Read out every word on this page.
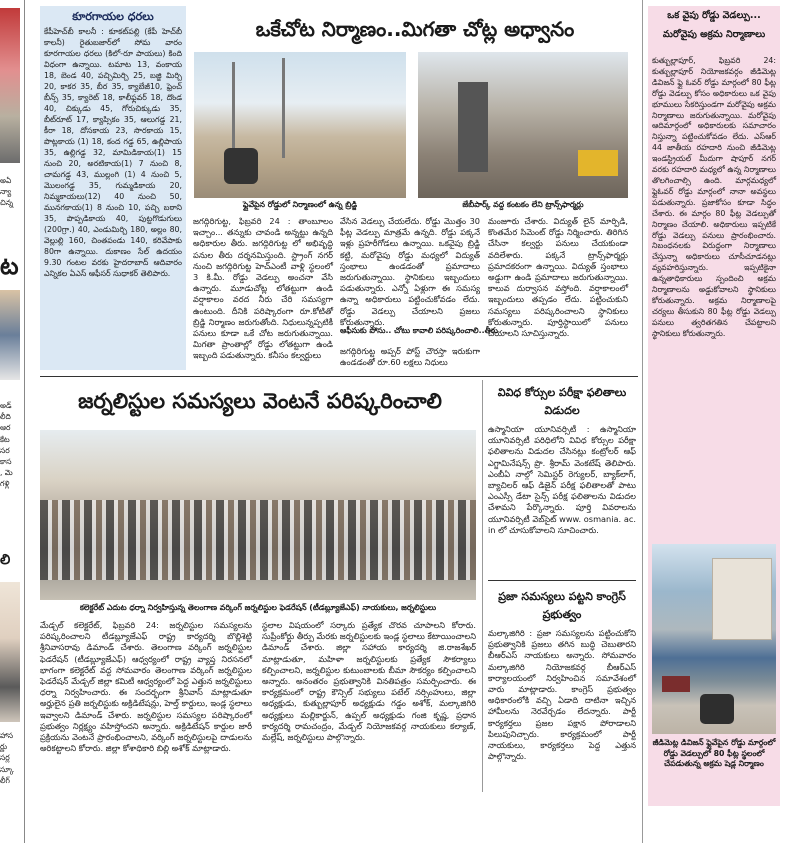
అఏ
న్యా
చిన్న
ట
అడ్
లీది
ఆర
కేట
సర
కాస
, మె
గళ్లి
లి
హాస
ర్ణు
సర్ల
స్కూ
లీగ్
కూరగాయల ధరలు
కేపీహెచ్‌బీ కాలనీ : కూకట్‌పల్లి (కేపీ హెచ్‌బీ కాలనీ) రైతుబజార్‌లో సోమ వారం కూరగాయల ధరలు (కిలో-రూ పాయలు) కింది విధంగా ఉన్నాయి. టమాట 13, వంకాయ 18, బెండ 40, పచ్చిమిర్చి 25, బజ్జి మిర్చి 20, కాకర 35, బీర 35, క్యాబేజీ10, ఫ్రెంచ్ బీన్స్ 35, క్యారెట్ 18, కాలీఫ్లవర్ 18, దొండ 40, చిక్కుడు 45, గోరుచిక్కుడు 35, బీట్‌రూట్ 17, క్యాప్సికం 35, ఆలుగడ్డ 21, కీరా 18, దోసకాయ 23, సొరకాయ 15, పొట్లకాయ (1) 18, కంద గడ్డ 65, ఉల్లిపాయ 35, ఉల్లిగడ్డ 32, మామిడికాయ(1) 15 నుంచి 20, అరటికాయ(1) 7 నుంచి 8, చామగడ్డ 43, ముల్లంగి (1) 4 నుంచి 5, మొలంగడ్డ 35, గుమ్మడికాయ 20, నిమ్మకాయలు(12) 40 నుంచి 50, మునగకాయ(1) 8 నుంచి 10, పచ్చి బఠాని 35, పొప్పడికాయ 40, పుట్టగొడుగులు (200గ్రా.) 40, ఎండుమిర్చి 180, అల్లం 80, వెల్లుల్లి 160, చింతపండు 140, కరివేపాకు 80గా ఉన్నాయి. దుకాణం సేల్ ఉదయం 9.30 గంటల వరకు హైదరాబాద్ ఆదివారం ఎన్నికల ఏఎస్ ఆఫీసర్ సుధాకర్ తెలిపారు.
ఒకేచోట నిర్మాణం..మిగతా చోట్ల అధ్వానం
ఫ్లైవేపైన రోడ్డులో నిర్మాణంలో ఉన్న బ్రిడ్జి	జేబీపార్క్ వద్ద కంటకం లేని ట్రాన్స్‌ఫార్మర్లు
జగద్గిరిగుట్ట, ఫిబ్రవరి 24 : తాంబూలం ఇచ్చాం... తన్నుకు చావండి అన్నట్టు ఉన్నది అధికారుల తీరు. జగద్గిరిగుట్ట లో అభివృద్ధి పనుల తీరు దర్శనమిస్తుంది. స్ట్రాంగ్ నగర్ నుంచి జగద్గిరిగుట్ట హెచ్‌ఎంటీ వాళ్లి స్థలంలో 3 కి.మీ. రోడ్డు వెడల్పు అంచనా వేసి ఉన్నారు. మూడుచోట్ల లోతట్టుగా ఉండి వర్షాకాలం వరద నీరు చేరి సమస్యగా ఉంటుంది. దీనికి పరిష్కారంగా రూ.కోటితో బ్రిడ్జి నిర్మాణం జరుగుతోంది. నిధులున్నప్పటికీ పనులు కూడా ఒకే చోట జరుగుతున్నాయి. మిగతా ప్రాంతాల్లో రోడ్డు లోతట్టుగా ఉండి ఇబ్బంది పడుతున్నారు. కనీసం కల్వర్టులు
వేసిన వెడల్పు చేయలేదు. రోడ్డు మొత్తం 30 ఫీట్ల వెడల్పు మాత్రమే ఉన్నది. రోడ్డు పక్కనే ఇళ్లు ప్రహరీగోడలు ఉన్నాయి. ఒకవైపు బ్రిడ్జి కట్టి, మరోవైపు రోడ్డు మధ్యలో విద్యుత్ స్తంభాలు ఉండడంతో ప్రమాదాలు జరుగుతున్నాయి. స్థానికులు ఇబ్బందులు పడుతున్నారు. ఎన్నో ఏళ్లుగా ఈ సమస్య ఉన్నా అధికారులు పట్టించుకోవడం లేదు. రోడ్డు వెడల్పు చేయాలని ప్రజలు కోరుతున్నారు.
ఆఫీసుకు పోసు.. చోటు కావాలి పరిష్కరించాలి..తీరు
జగద్గిరిగుట్ట అప్పర్ పోస్ట్ చౌరస్తా ఇరుకుగా ఉండడంతో రూ.60 లక్షలు నిధులు
మంజూరు చేశారు. విద్యుత్ లైన్ మార్పిడి, కొంతమేర సిమెంట్ రోడ్డు నిర్మించారు. తిరిగిన చేసినా కల్వర్టు పనులు చేయకుండా వదిలేశారు. పక్కనే ట్రాన్స్‌ఫార్మర్లు ప్రమాదకరంగా ఉన్నాయి. విద్యుత్ స్తంభాలు అడ్డుగా ఉండి ప్రమాదాలు జరుగుతున్నాయి. కాలువ దుర్వాసన వస్తోంది. వర్షాకాలంలో ఇబ్బందులు తప్పడం లేదు. పట్టించుకుని సమస్యలు పరిష్కరించాలని స్థానికులు కోరుతున్నారు. పూర్తిస్థాయిలో పనులు చేయాలని సూచిస్తున్నారు.
ఒక వైపు రోడ్డు వెడల్పు...
మరోవైపు అక్రమ నిర్మాణాలు
కుత్బుల్లాపూర్, ఫిబ్రవరి 24: కుత్బుల్లాపూర్ నియోజకవర్గం జీడిమెట్ల డివిజన్ ఫ్లై ఓవర్ రోడ్డు మార్గంలో 80 ఫీట్ల రోడ్డు వెడల్పు కోసం అధికారులు ఒక వైపు భూములు సేకరిస్తుండగా మరోవైపు అక్రమ నిర్మాణాలు జరుగుతున్నాయి. మరోవైపు ఆదిమార్గంలో అధికారులకు సమాచారం నిస్తున్నా పట్టించుకోవడం లేదు. ఎస్‌ఆర్ 44 జాతీయ రహదారి నుంచి జీడిమెట్ల ఇండస్ట్రియల్ మీదుగా షాపూర్ నగర్ వరకు రహదారి మధ్యలో ఉన్న నిర్మాణాలు తొలగించాల్సి ఉంది. మార్గమధ్యలో ఫ్లైఓవర్ రోడ్డు మార్గంలో నానా అవస్థలు పడుతున్నారు. ప్రజాకోసం కూడా సిద్ధం చేశారు. ఈ మార్గం 80 ఫీట్ల వెడల్పుతో నిర్మాణం చేయాలి. అధికారులు ఇప్పటికే రోడ్డు వెడల్పు పనులు ప్రారంభించారు. నిబంధనలకు విరుద్ధంగా నిర్మాణాలు చేస్తున్నా అధికారులు చూసీచూడనట్లు వ్యవహరిస్తున్నారు. ఇప్పటికైనా ఉన్నతాధికారులు స్పందించి అక్రమ నిర్మాణాలను అడ్డుకోవాలని స్థానికులు కోరుతున్నారు. అక్రమ నిర్మాణాలపై చర్యలు తీసుకుని 80 ఫీట్ల రోడ్డు వెడల్పు పనులు త్వరితగతిన చేపట్టాలని స్థానికులు కోరుతున్నారు.
జీడిమెట్ల డివిజన్ ఫ్లైవేపైన రోడ్డు మార్గంలో రోడ్డు వెడల్పులో 80 ఫీట్ల స్థలంలో చేపడుతున్న అక్రమ షెడ్ల నిర్మాణం
జర్నలిస్టుల సమస్యలు వెంటనే పరిష్కరించాలి
కలెక్టరేట్ ఎదుట ధర్నా నిర్వహిస్తున్న తెలంగాణ వర్కింగ్ జర్నలిస్టుల ఫెడరేషన్ (టీడబ్ల్యూజేఎఫ్) నాయకులు, జర్నలిస్టులు
మేడ్చల్ కలెక్టరేట్, ఫిబ్రవరి 24: జర్నలిస్టుల సమస్యలను పరిష్కరించాలని టీడబ్ల్యూజేఎఫ్ రాష్ట్ర కార్యదర్శి బొల్లిశెట్టి శ్రీనివాసరావు డిమాండ్ చేశారు. తెలంగాణ వర్కింగ్ జర్నలిస్టుల ఫెడరేషన్ (టీడబ్ల్యూజేఎఫ్) ఆధ్వర్యంలో రాష్ట్ర వ్యాప్త నిరసనలో భాగంగా కలెక్టరేట్ వద్ద సోమవారం తెలంగాణ వర్కింగ్ జర్నలిస్టుల ఫెడరేషన్ మేడ్చల్ జిల్లా కమిటీ ఆధ్వర్యంలో పెద్ద ఎత్తున జర్నలిస్టులు ధర్నా నిర్వహించారు. ఈ సందర్భంగా శ్రీనివాస్ మాట్లాడుతూ అర్హులైన ప్రతి జర్నలిస్టుకు అక్రిడిటేషన్లు, హెల్త్ కార్డులు, ఇండ్ల స్థలాలు ఇవ్వాలని డిమాండ్ చేశారు. జర్నలిస్టుల సమస్యల పరిష్కారంలో ప్రభుత్వం నిర్లక్ష్యం వహిస్తోందని అన్నారు. అక్రిడిటేషన్ కార్డుల జారీ ప్రక్రియను వెంటనే ప్రారంభించాలని, వర్కింగ్ జర్నలిస్టులపై దాడులను అరికట్టాలని కోరారు. జిల్లా కోశాధికారి బిల్లి అశోక్ మాట్లాడారు.
స్థలాల విషయంలో సర్కారు ప్రత్యేక చొరవ చూపాలని కోరారు. సుప్రీంకోర్టు తీర్పు మేరకు జర్నలిస్టులకు ఇండ్ల స్థలాలు కేటాయించాలని డిమాండ్ చేశారు. జిల్లా సహాయ కార్యదర్శి జి.రాజశేఖర్ మాట్లాడుతూ, మహిళా జర్నలిస్టులకు ప్రత్యేక సౌకర్యాలు కల్పించాలని, జర్నలిస్టుల కుటుంబాలకు బీమా సౌకర్యం కల్పించాలని అన్నారు. అనంతరం ప్రభుత్వానికి వినతిపత్రం సమర్పించారు. ఈ కార్యక్రమంలో రాష్ట్ర కౌన్సిల్ సభ్యులు పటేల్ నర్సింహులు, జిల్లా అధ్యక్షుడు, కుత్బుల్లాపూర్ అధ్యక్షుడు గడ్డం అశోక్, మల్కాజిగిరి అధ్యక్షులు మల్లికార్జున్, ఉప్పల్ అధ్యక్షుడు గంజి కృష్ణ, ప్రధాన కార్యదర్శి రామచంద్రం, మేడ్చల్ నియోజకవర్గ నాయకులు కల్యాణ్, మల్లేష్, జర్నలిస్టులు పాల్గొన్నారు.
వివిధ కోర్సుల పరీక్షా ఫలితాలు విడుదల
ఉస్మానియా యూనివర్సిటీ : ఉస్మానియా యూనివర్సిటీ పరిధిలోని వివిధ కోర్సుల పరీక్షా ఫలితాలను విడుదల చేసినట్లు కంట్రోలర్ ఆఫ్ ఎగ్జామినేషన్స్ ప్రొ. శ్రీరామ్ వెంకటేష్ తెలిపారు. ఎంబీఏ నాల్గో సెమిస్టర్ రెగ్యులర్, బ్యాక్‌లాగ్, బ్యాచిలర్ ఆఫ్ డిజైన్ పరీక్ష ఫలితాలతో పాటు ఎంఎస్సీ డేటా సైన్స్ పరీక్ష ఫలితాలను విడుదల చేశామని పేర్కొన్నారు. పూర్తి వివరాలను యూనివర్సిటీ వెబ్‌సైట్ www. osmania. ac. in లో చూసుకోవాలని సూచించారు.
ప్రజా సమస్యలు పట్టని కాంగ్రెస్ ప్రభుత్వం
మల్కాజిగిరి : ప్రజా సమస్యలను పట్టించుకోని ప్రభుత్వానికి ప్రజలు తగిన బుద్ధి చెబుతారని బీఆర్‌ఎస్ నాయకులు అన్నారు. సోమవారం మల్కాజిగిరి నియోజకవర్గ బీఆర్‌ఎస్ కార్యాలయంలో నిర్వహించిన సమావేశంలో వారు మాట్లాడారు. కాంగ్రెస్ ప్రభుత్వం అధికారంలోకి వచ్చి ఏడాది దాటినా ఇచ్చిన హామీలను నెరవేర్చడం లేదన్నారు. పార్టీ కార్యకర్తలు ప్రజల పక్షాన పోరాడాలని పిలుపునిచ్చారు. కార్యక్రమంలో పార్టీ నాయకులు, కార్యకర్తలు పెద్ద ఎత్తున పాల్గొన్నారు.
